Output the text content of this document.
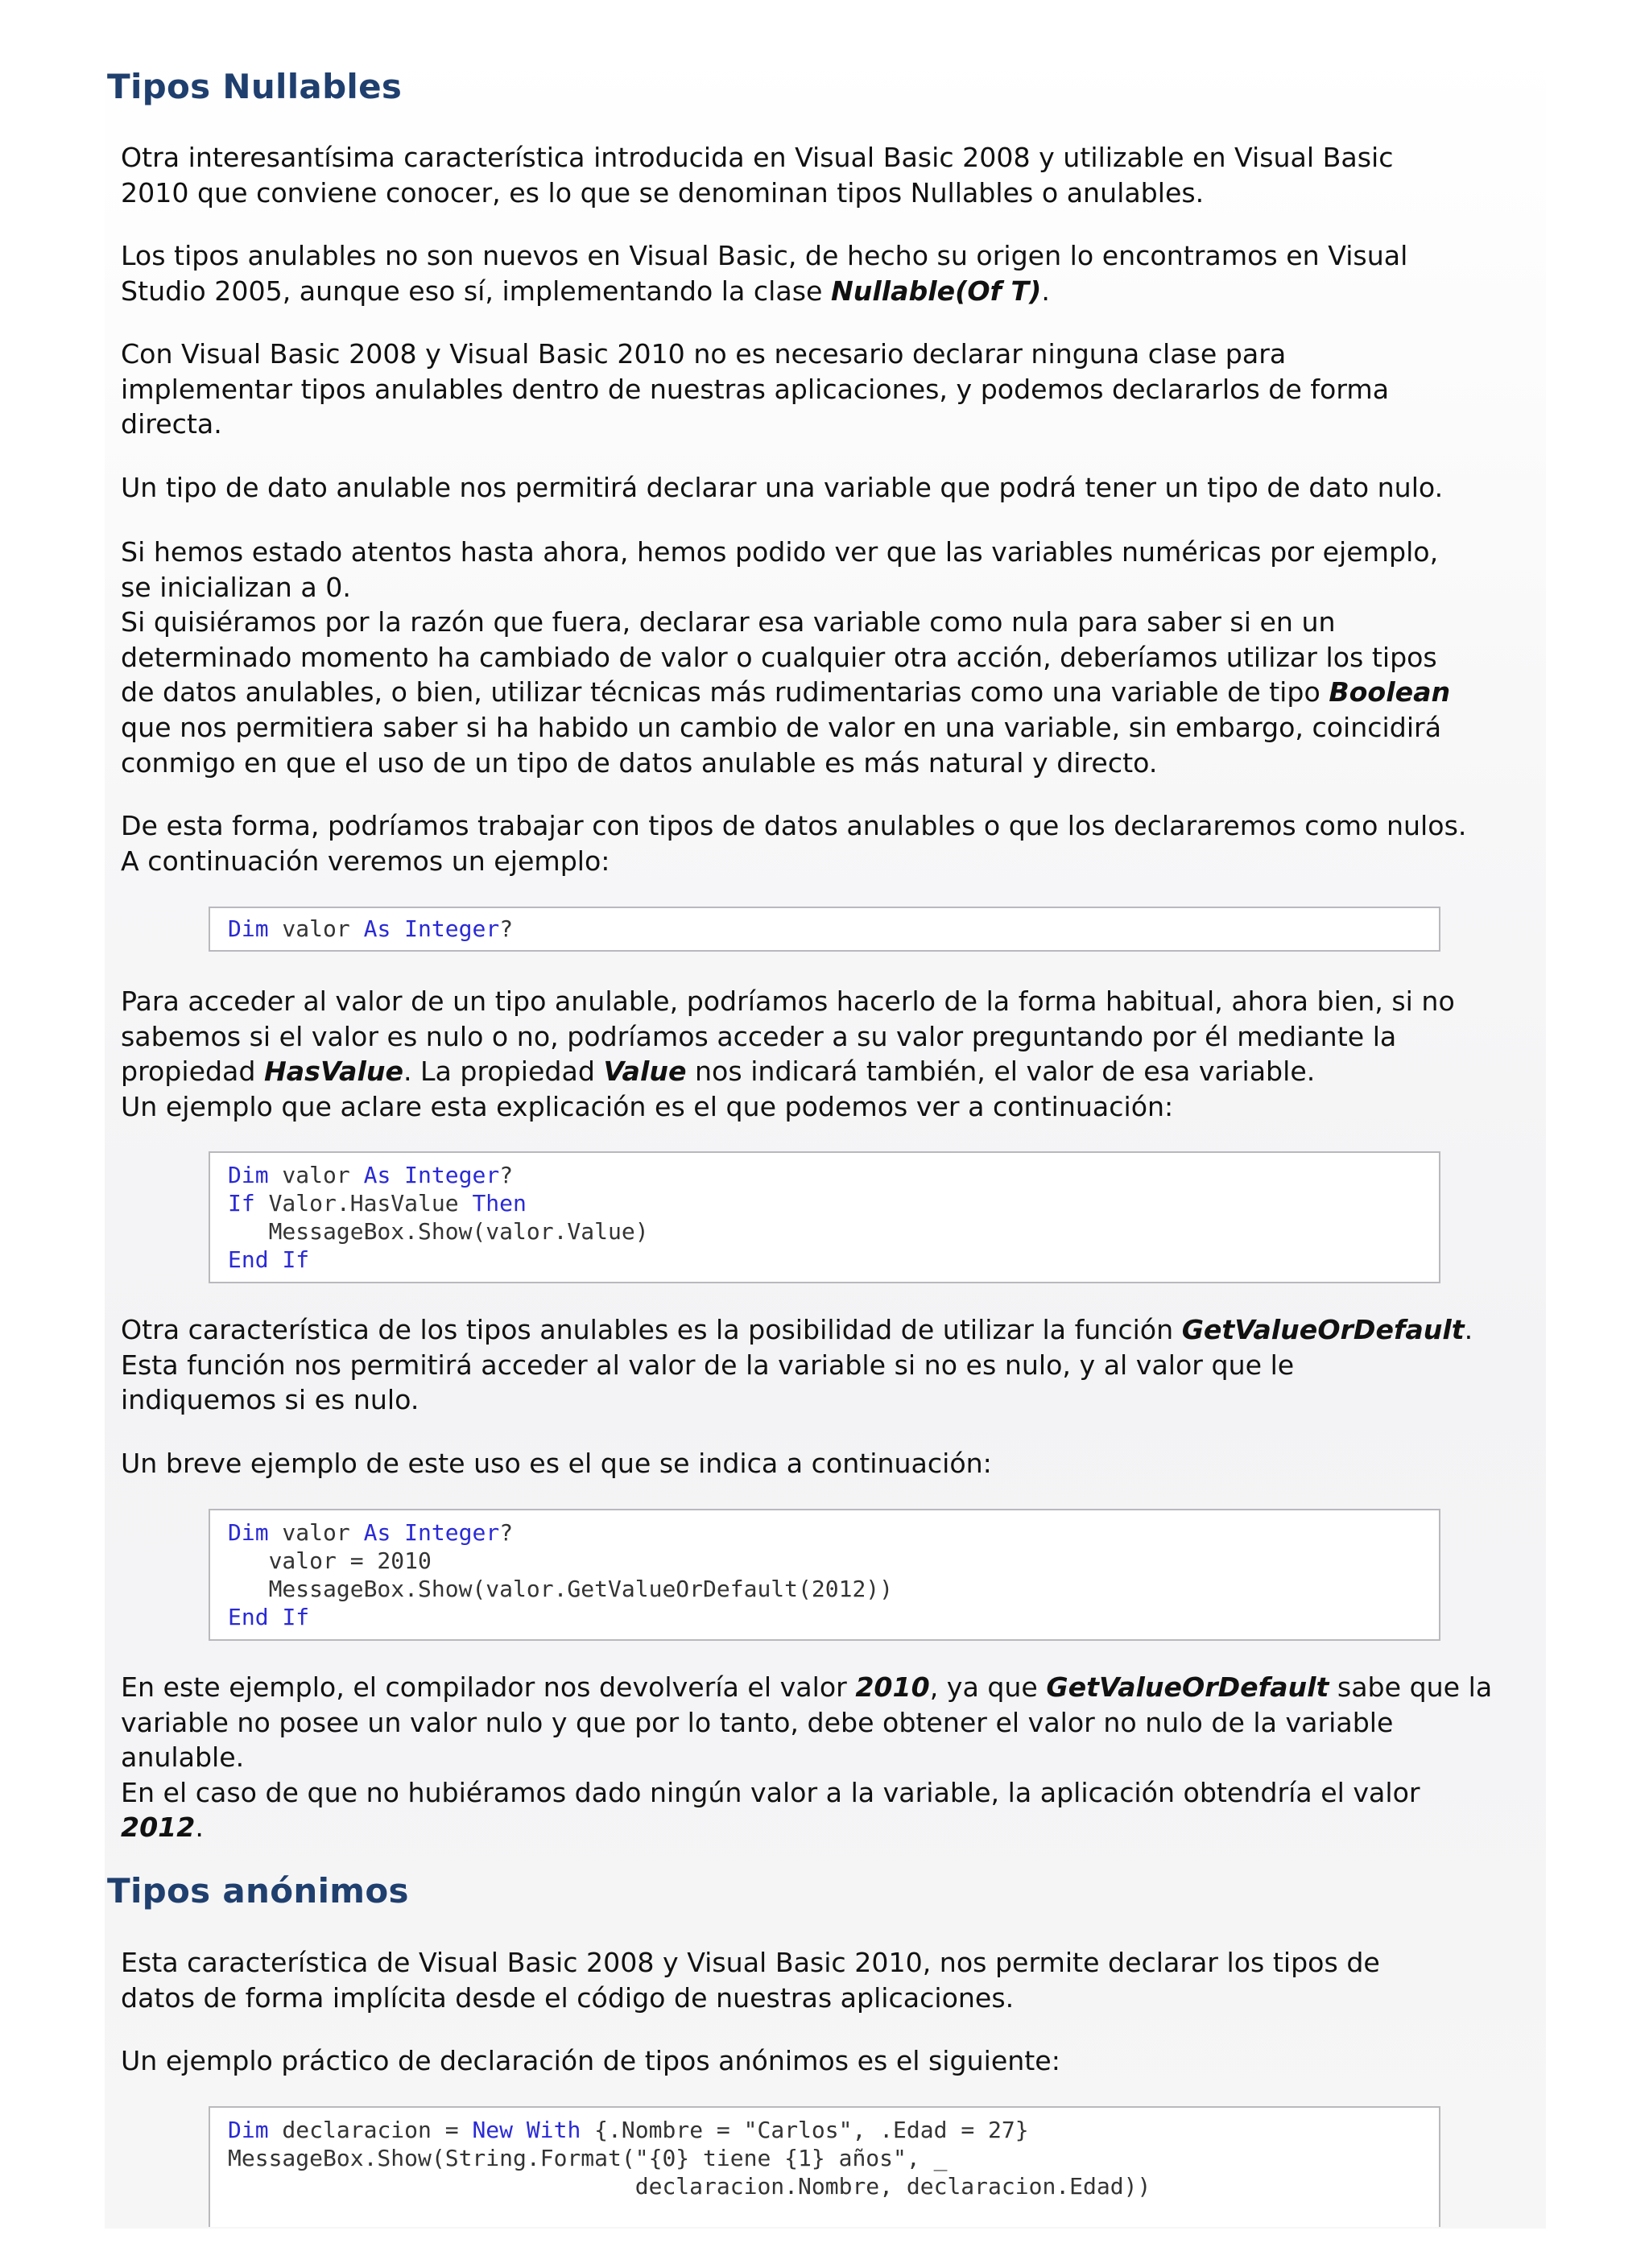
Tipos Nullables
Otra interesantísima característica introducida en Visual Basic 2008 y utilizable en Visual Basic
2010 que conviene conocer, es lo que se denominan tipos Nullables o anulables.
Los tipos anulables no son nuevos en Visual Basic, de hecho su origen lo encontramos en Visual
Studio 2005, aunque eso sí, implementando la clase Nullable(Of T).
Con Visual Basic 2008 y Visual Basic 2010 no es necesario declarar ninguna clase para
implementar tipos anulables dentro de nuestras aplicaciones, y podemos declararlos de forma
directa.
Un tipo de dato anulable nos permitirá declarar una variable que podrá tener un tipo de dato nulo.
Si hemos estado atentos hasta ahora, hemos podido ver que las variables numéricas por ejemplo,
se inicializan a 0.
Si quisiéramos por la razón que fuera, declarar esa variable como nula para saber si en un
determinado momento ha cambiado de valor o cualquier otra acción, deberíamos utilizar los tipos
de datos anulables, o bien, utilizar técnicas más rudimentarias como una variable de tipo Boolean
que nos permitiera saber si ha habido un cambio de valor en una variable, sin embargo, coincidirá
conmigo en que el uso de un tipo de datos anulable es más natural y directo.
De esta forma, podríamos trabajar con tipos de datos anulables o que los declararemos como nulos.
A continuación veremos un ejemplo:
Dim valor As Integer?
Para acceder al valor de un tipo anulable, podríamos hacerlo de la forma habitual, ahora bien, si no
sabemos si el valor es nulo o no, podríamos acceder a su valor preguntando por él mediante la
propiedad HasValue. La propiedad Value nos indicará también, el valor de esa variable.
Un ejemplo que aclare esta explicación es el que podemos ver a continuación:
Dim valor As Integer?
If Valor.HasValue Then
MessageBox.Show(valor.Value)
End If
Otra característica de los tipos anulables es la posibilidad de utilizar la función GetValueOrDefault.
Esta función nos permitirá acceder al valor de la variable si no es nulo, y al valor que le
indiquemos si es nulo.
Un breve ejemplo de este uso es el que se indica a continuación:
Dim valor As Integer?
valor = 2010
MessageBox.Show(valor.GetValueOrDefault(2012))
End If
En este ejemplo, el compilador nos devolvería el valor 2010, ya que GetValueOrDefault sabe que la
variable no posee un valor nulo y que por lo tanto, debe obtener el valor no nulo de la variable
anulable.
En el caso de que no hubiéramos dado ningún valor a la variable, la aplicación obtendría el valor
2012.
Tipos anónimos
Esta característica de Visual Basic 2008 y Visual Basic 2010, nos permite declarar los tipos de
datos de forma implícita desde el código de nuestras aplicaciones.
Un ejemplo práctico de declaración de tipos anónimos es el siguiente:
Dim declaracion = New With {.Nombre = "Carlos", .Edad = 27}
MessageBox.Show(String.Format("{0} tiene {1} años", _
declaracion.Nombre, declaracion.Edad))
